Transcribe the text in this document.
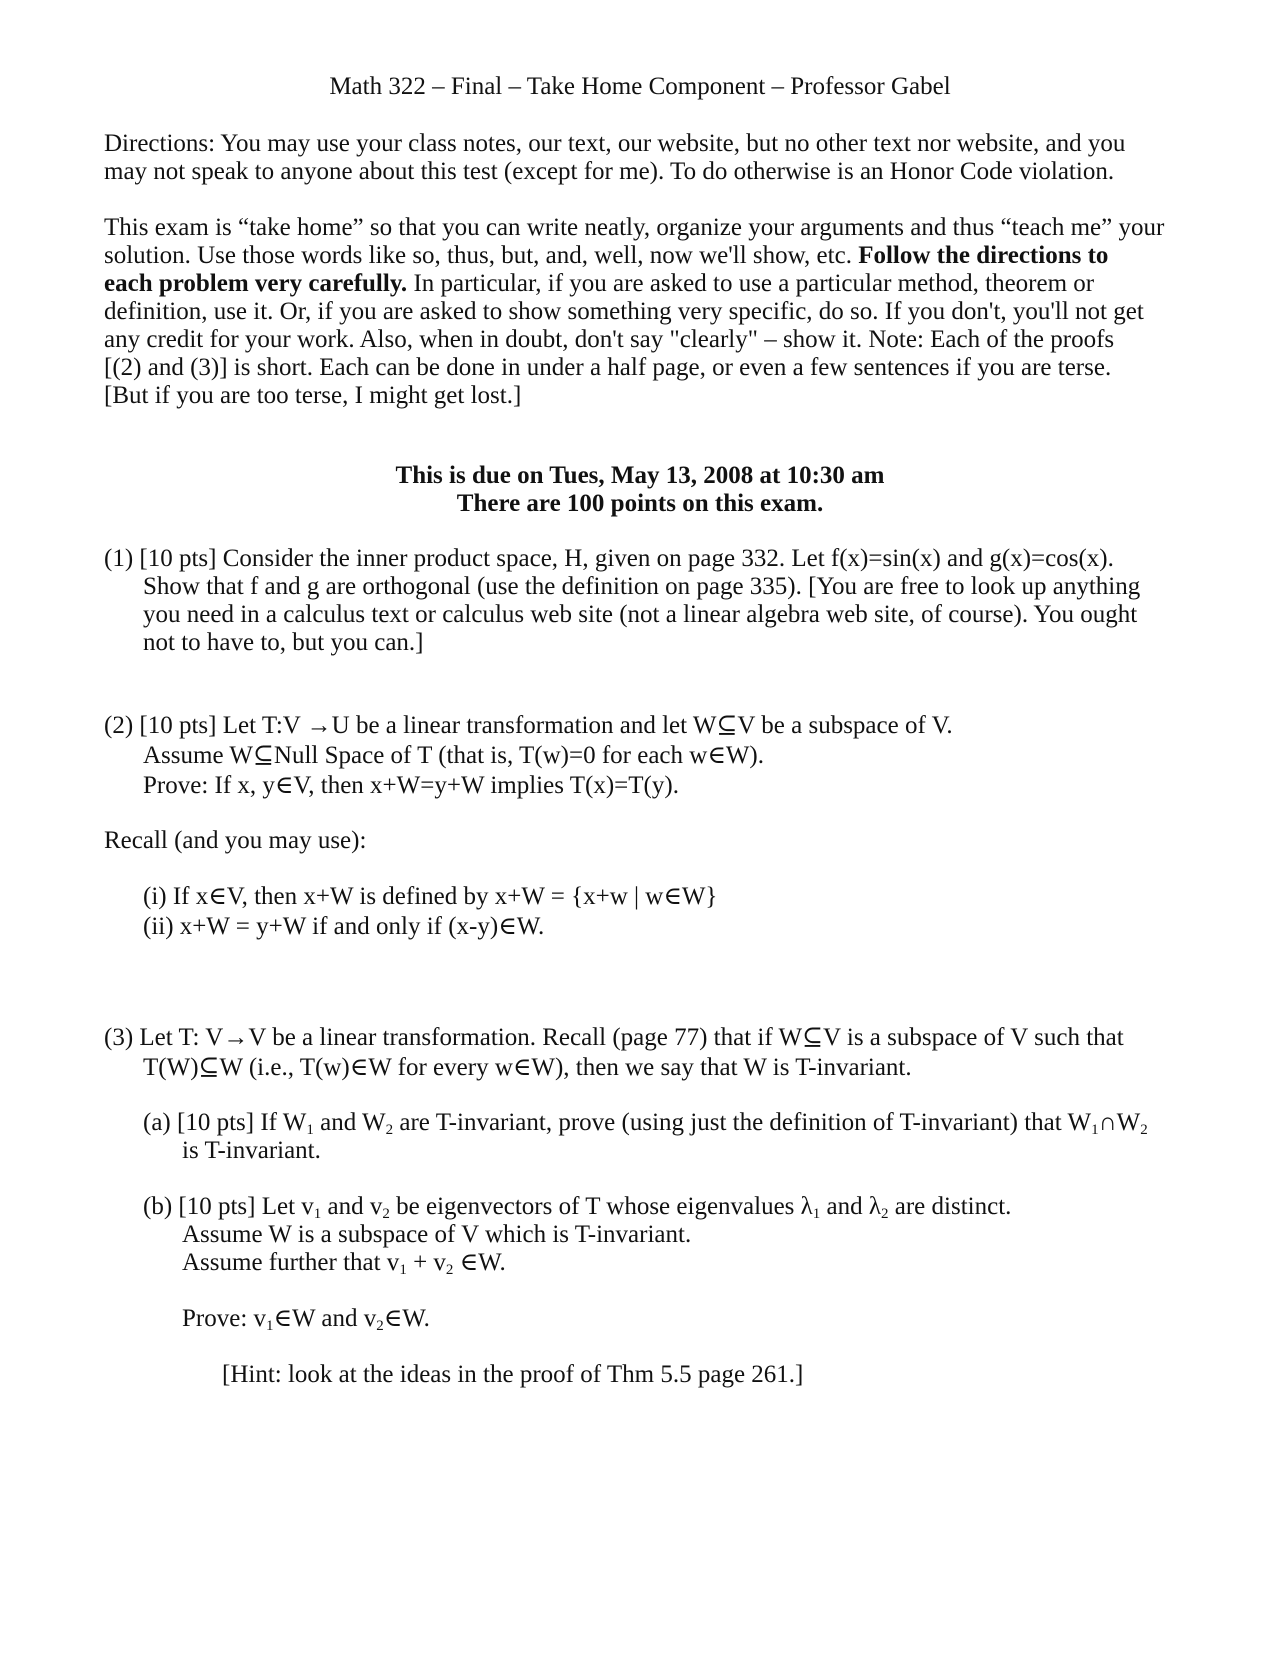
Math 322 – Final – Take Home Component – Professor Gabel
Directions: You may use your class notes, our text, our website, but no other text nor website, and you
may not speak to anyone about this test (except for me). To do otherwise is an Honor Code violation.
This exam is “take home” so that you can write neatly, organize your arguments and thus “teach me” your
solution. Use those words like so, thus, but, and, well, now we'll show, etc. Follow the directions to
each problem very carefully. In particular, if you are asked to use a particular method, theorem or
definition, use it. Or, if you are asked to show something very specific, do so. If you don't, you'll not get
any credit for your work. Also, when in doubt, don't say "clearly" – show it. Note: Each of the proofs
[(2) and (3)] is short. Each can be done in under a half page, or even a few sentences if you are terse.
[But if you are too terse, I might get lost.]
This is due on Tues, May 13, 2008 at 10:30 am
There are 100 points on this exam.
(1) [10 pts] Consider the inner product space, H, given on page 332. Let f(x)=sin(x) and g(x)=cos(x).
Show that f and g are orthogonal (use the definition on page 335). [You are free to look up anything
you need in a calculus text or calculus web site (not a linear algebra web site, of course). You ought
not to have to, but you can.]
(2) [10 pts] Let T:V →U be a linear transformation and let W⊆V be a subspace of V.
Assume W⊆Null Space of T (that is, T(w)=0 for each w∈W).
Prove: If x, y∈V, then x+W=y+W implies T(x)=T(y).
Recall (and you may use):
(i) If x∈V, then x+W is defined by x+W = {x+w | w∈W}
(ii) x+W = y+W if and only if (x-y)∈W.
(3) Let T: V→V be a linear transformation. Recall (page 77) that if W⊆V is a subspace of V such that
T(W)⊆W (i.e., T(w)∈W for every w∈W), then we say that W is T-invariant.
(a) [10 pts] If $W_1$ and $W_2$ are T-invariant, prove (using just the definition of T-invariant) that $W_1\cap W_2$
is T-invariant.
(b) [10 pts] Let $v_1$ and $v_2$ be eigenvectors of T whose eigenvalues $\lambda_1$ and $\lambda_2$ are distinct.
Assume W is a subspace of V which is T-invariant.
Assume further that $v_1 + v_2$ ∈W.
Prove: $v_1\in W$ and $v_2\in W$.
[Hint: look at the ideas in the proof of Thm 5.5 page 261.]
